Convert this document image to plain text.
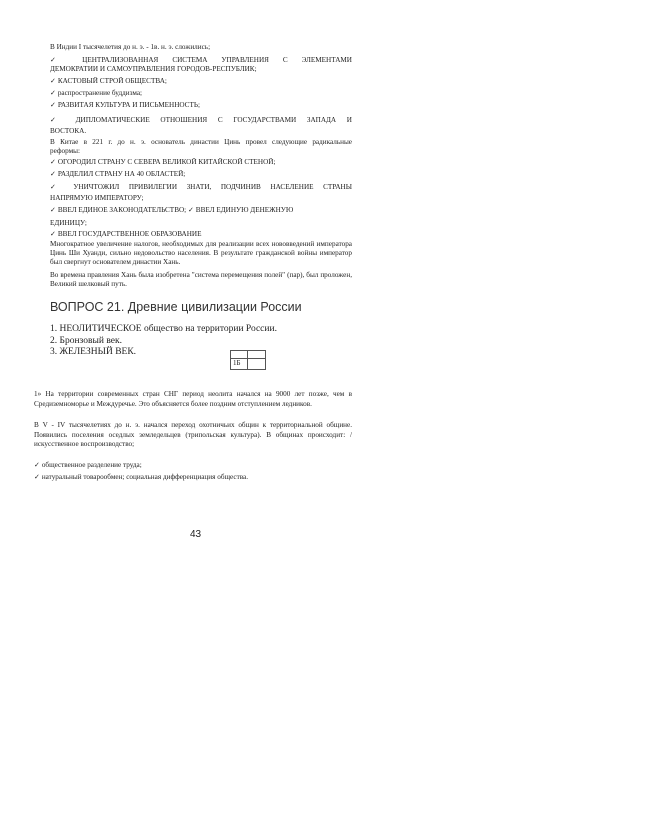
В Индии I тысячелетия до н. э. - 1в. н. э. сложились;
✓ ЦЕНТРАЛИЗОВАННАЯ СИСТЕМА УПРАВЛЕНИЯ С ЭЛЕМЕНТАМИ
ДЕМОКРАТИИ И САМОУПРАВЛЕНИЯ ГОРОДОВ-РЕСПУБЛИК;
✓ КАСТОВЫЙ СТРОЙ ОБЩЕСТВА;
✓ распространение буддизма;
✓ РАЗВИТАЯ КУЛЬТУРА И ПИСЬМЕННОСТЬ;
✓ ДИПЛОМАТИЧЕСКИЕ ОТНОШЕНИЯ С ГОСУДАРСТВАМИ ЗАПАДА И
ВОСТОКА.
В Китае в 221 г. до н. э. основатель династии Цинь провел следующие радикальные
реформы:
✓ ОГОРОДИЛ СТРАНУ С СЕВЕРА ВЕЛИКОЙ КИТАЙСКОЙ СТЕНОЙ;
✓ РАЗДЕЛИЛ СТРАНУ НА 40 ОБЛАСТЕЙ;
✓ УНИЧТОЖИЛ ПРИВИЛЕГИИ ЗНАТИ, ПОДЧИНИВ НАСЕЛЕНИЕ СТРАНЫ
НАПРЯМУЮ ИМПЕРАТОРУ;
✓ ВВЕЛ ЕДИНОЕ ЗАКОНОДАТЕЛЬСТВО; ✓ ВВЕЛ ЕДИНУЮ ДЕНЕЖНУЮ
ЕДИНИЦУ;
✓ ВВЕЛ ГОСУДАРСТВЕННОЕ ОБРАЗОВАНИЕ
Многократное увеличение налогов, необходимых для реализации всех нововведений императора Цинь Ши Хуанди, сильно недовольство населения. В результате гражданской войны император был свергнут основателем династии Хань.
Во времена правления Хань была изобретена "система перемещения полей" (пар), был проложен, Великий шелковый путь.
ВОПРОС 21. Древние цивилизации России
1. НЕОЛИТИЧЕСКОЕ общество на территории России.
2. Бронзовый век.
3. ЖЕЛЕЗНЫЙ ВЕК.
1Б
1» На территории современных стран СНГ период неолита начался на 9000 лет позже, чем в Средиземноморье и Междуречье. Это объясняется более поздним отступлением ледников.
В V - IV тысячелетиях до н. э. начался переход охотничьих общин к территориальной общине. Появились поселения оседлых земледельцев (трипольская культура). В общинах происходит: / искусственное воспроизводство;
✓ общественное разделение труда;
✓ натуральный товарообмен; социальная дифференциация общества.
43
